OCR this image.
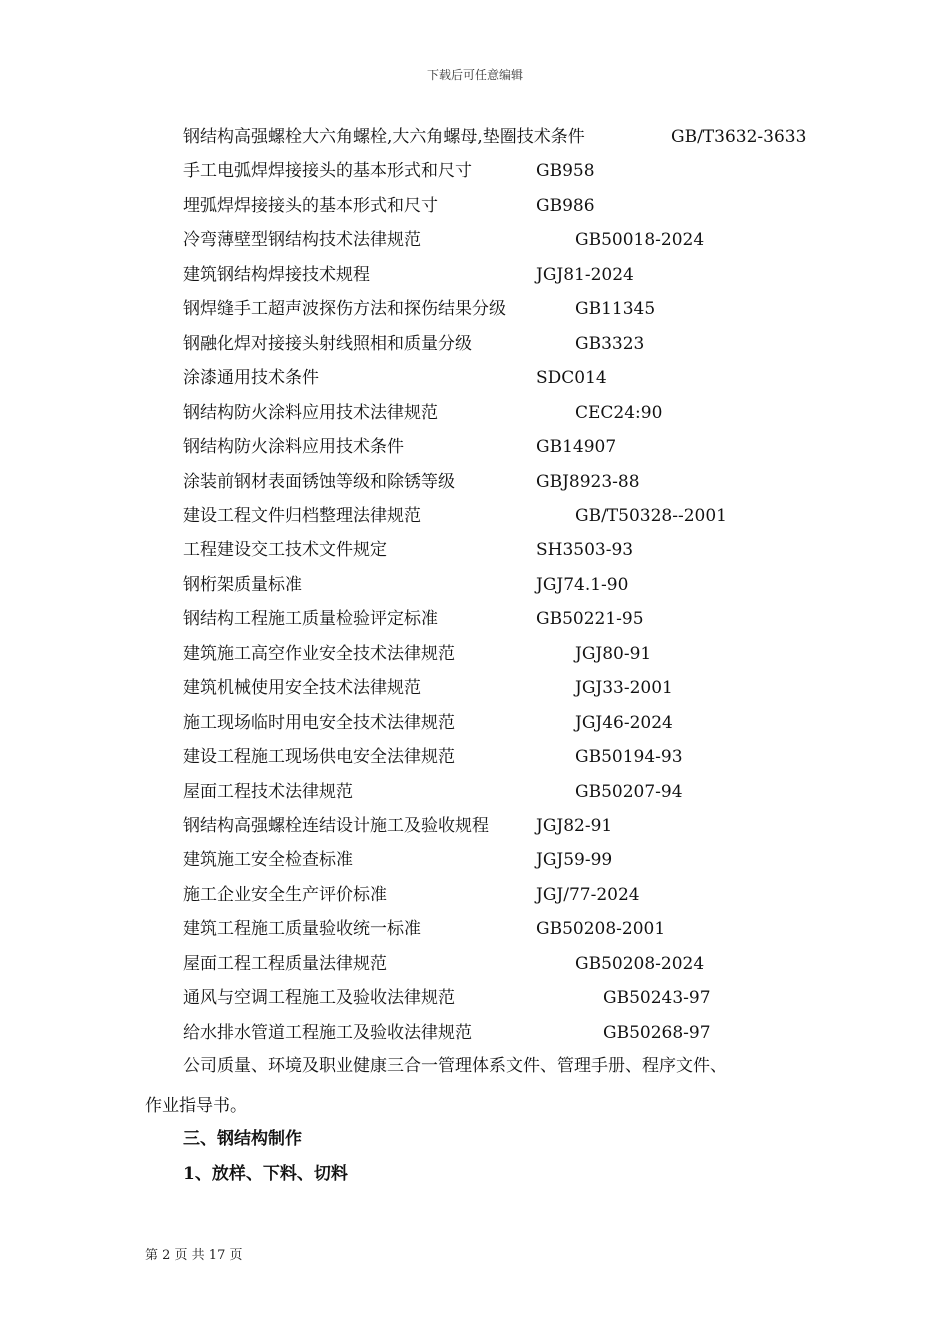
下载后可任意编辑
钢结构高强螺栓大六角螺栓,大六角螺母,垫圈技术条件	GB/T3632-3633
手工电弧焊焊接接头的基本形式和尺寸	GB958
埋弧焊焊接接头的基本形式和尺寸	GB986
冷弯薄壁型钢结构技术法律规范	GB50018-2024
建筑钢结构焊接技术规程	JGJ81-2024
钢焊缝手工超声波探伤方法和探伤结果分级	GB11345
钢融化焊对接接头射线照相和质量分级	GB3323
涂漆通用技术条件	SDC014
钢结构防火涂料应用技术法律规范	CEC24:90
钢结构防火涂料应用技术条件	GB14907
涂装前钢材表面锈蚀等级和除锈等级	GBJ8923-88
建设工程文件归档整理法律规范	GB/T50328--2001
工程建设交工技术文件规定	SH3503-93
钢桁架质量标准	JGJ74.1-90
钢结构工程施工质量检验评定标准	GB50221-95
建筑施工高空作业安全技术法律规范	JGJ80-91
建筑机械使用安全技术法律规范	JGJ33-2001
施工现场临时用电安全技术法律规范	JGJ46-2024
建设工程施工现场供电安全法律规范	GB50194-93
屋面工程技术法律规范	GB50207-94
钢结构高强螺栓连结设计施工及验收规程	JGJ82-91
建筑施工安全检查标准	JGJ59-99
施工企业安全生产评价标准	JGJ/77-2024
建筑工程施工质量验收统一标准	GB50208-2001
屋面工程工程质量法律规范	GB50208-2024
通风与空调工程施工及验收法律规范	GB50243-97
给水排水管道工程施工及验收法律规范	GB50268-97
公司质量、环境及职业健康三合一管理体系文件、管理手册、程序文件、
作业指导书。
三、钢结构制作
1、放样、下料、切料
第 2 页 共 17 页
